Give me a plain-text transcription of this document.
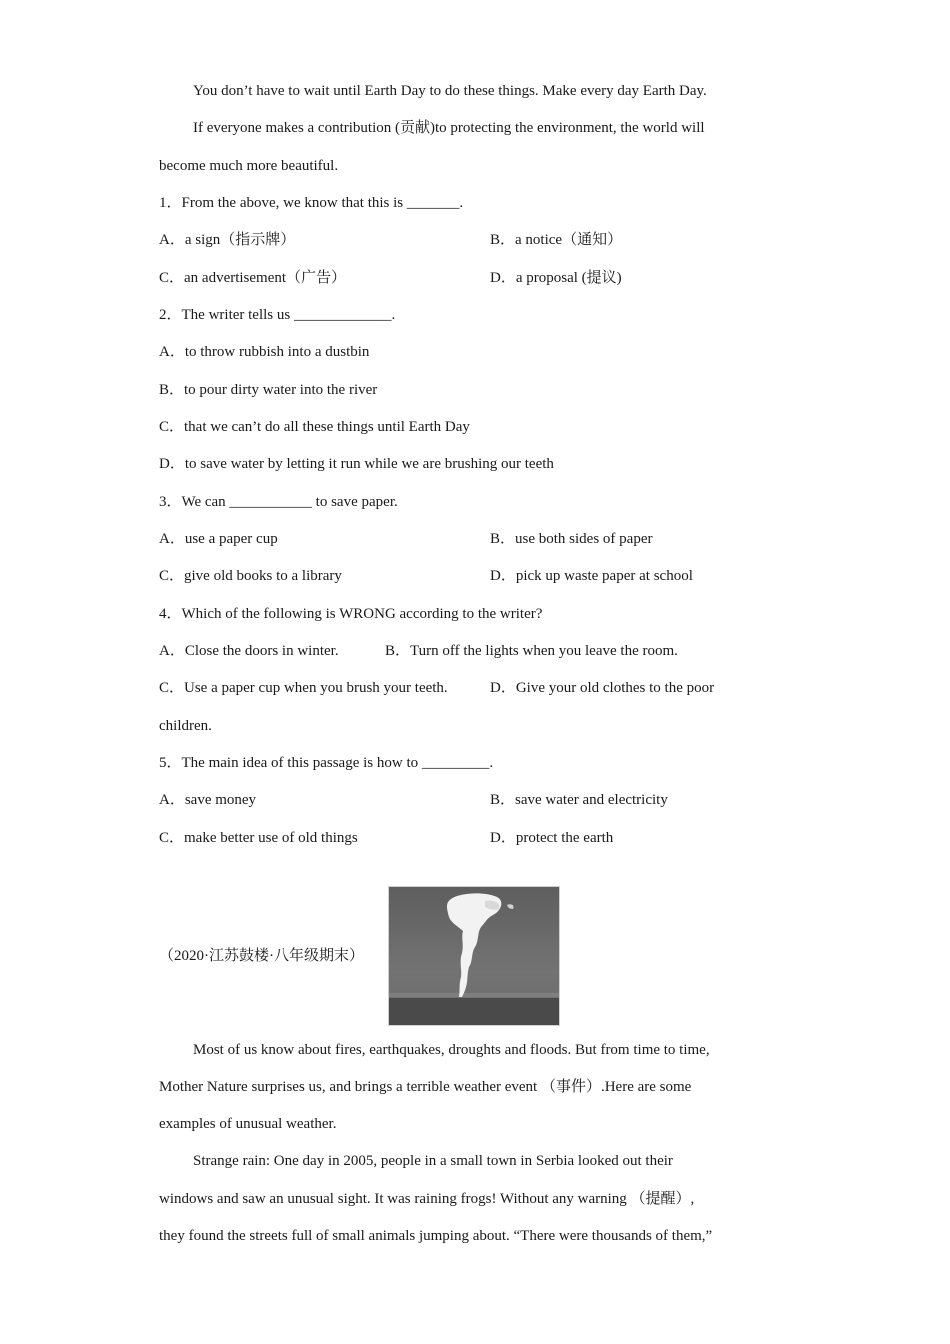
You don’t have to wait until Earth Day to do these things. Make every day Earth Day.
If everyone makes a contribution (贡献)to protecting the environment, the world will
become much more beautiful.
1．From the above, we know that this is _______.
A．a sign（指示牌）	B．a notice（通知）
C．an advertisement（广告）	D．a proposal (提议)
2．The writer tells us _____________.
A．to throw rubbish into a dustbin
B．to pour dirty water into the river
C．that we can’t do all these things until Earth Day
D．to save water by letting it run while we are brushing our teeth
3．We can ___________ to save paper.
A．use a paper cup	B．use both sides of paper
C．give old books to a library	D．pick up waste paper at school
4．Which of the following is WRONG according to the writer?
A．Close the doors in winter.	B．Turn off the lights when you leave the room.
C．Use a paper cup when you brush your teeth.	D．Give your old clothes to the poor
children.
5．The main idea of this passage is how to _________.
A．save money	B．save water and electricity
C．make better use of old things	D．protect the earth
（2020·江苏鼓楼·八年级期末）
Most of us know about fires, earthquakes, droughts and floods. But from time to time,
Mother Nature surprises us, and brings a terrible weather event （事件）.Here are some
examples of unusual weather.
Strange rain: One day in 2005, people in a small town in Serbia looked out their
windows and saw an unusual sight. It was raining frogs! Without any warning （提醒）,
they found the streets full of small animals jumping about. “There were thousands of them,”
